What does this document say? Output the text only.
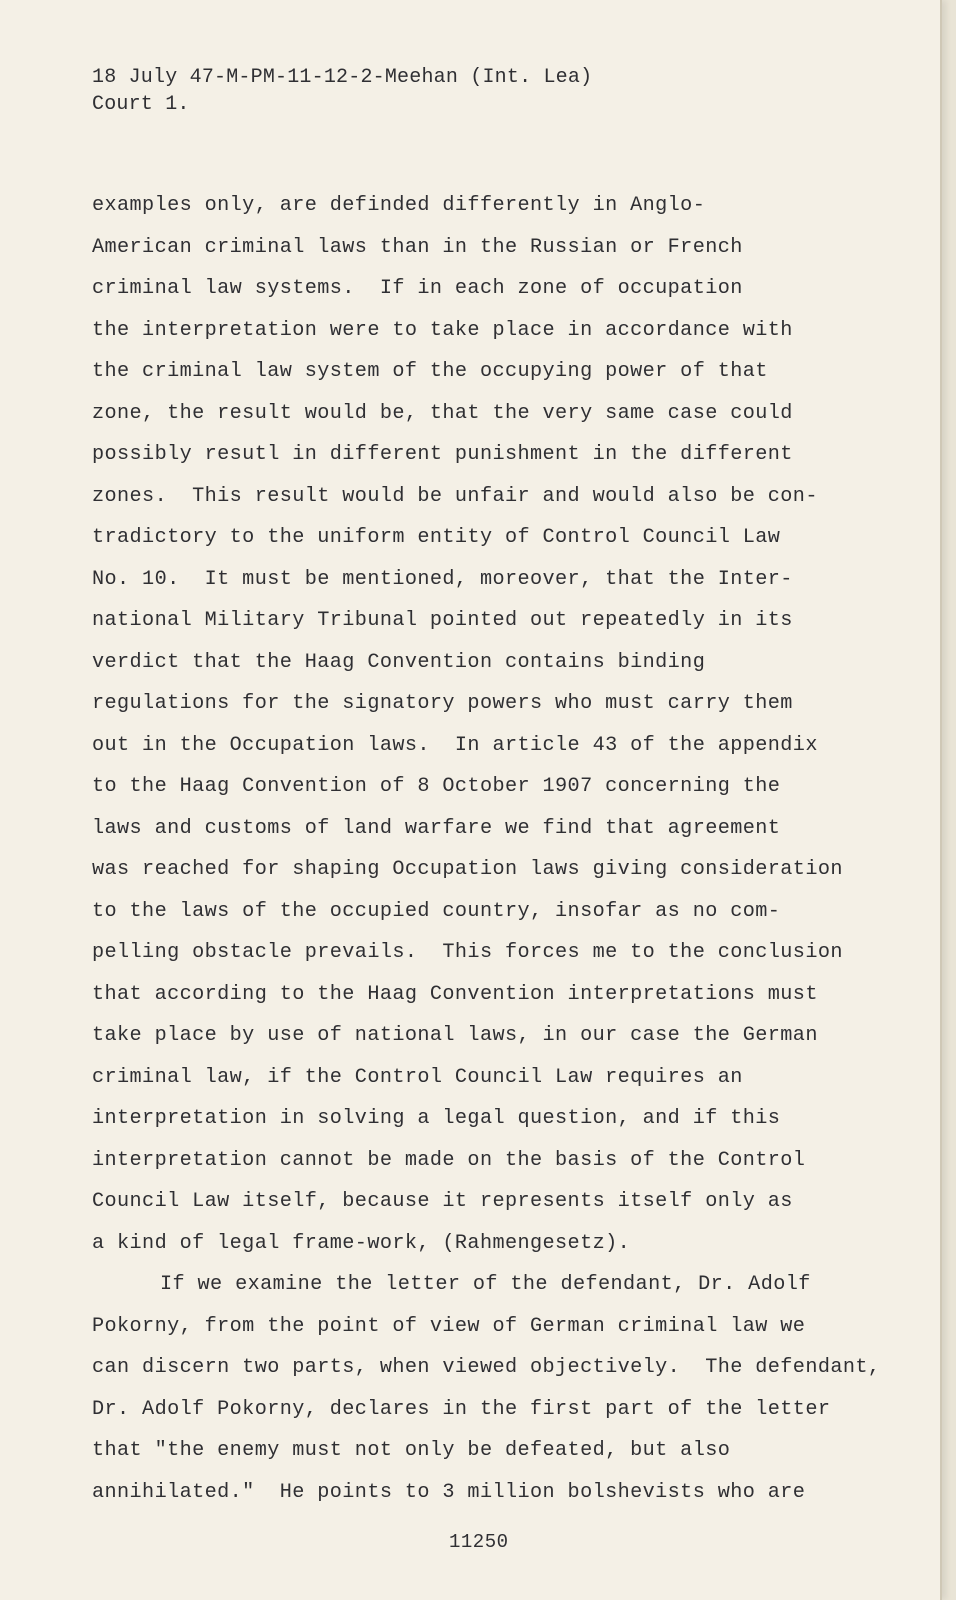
18 July 47-M-PM-11-12-2-Meehan (Int. Lea)
Court 1.
examples only, are definded differently in Anglo-
American criminal laws than in the Russian or French
criminal law systems.  If in each zone of occupation
the interpretation were to take place in accordance with
the criminal law system of the occupying power of that
zone, the result would be, that the very same case could
possibly resutl in different punishment in the different
zones.  This result would be unfair and would also be con-
tradictory to the uniform entity of Control Council Law
No. 10.  It must be mentioned, moreover, that the Inter-
national Military Tribunal pointed out repeatedly in its
verdict that the Haag Convention contains binding
regulations for the signatory powers who must carry them
out in the Occupation laws.  In article 43 of the appendix
to the Haag Convention of 8 October 1907 concerning the
laws and customs of land warfare we find that agreement
was reached for shaping Occupation laws giving consideration
to the laws of the occupied country, insofar as no com-
pelling obstacle prevails.  This forces me to the conclusion
that according to the Haag Convention interpretations must
take place by use of national laws, in our case the German
criminal law, if the Control Council Law requires an
interpretation in solving a legal question, and if this
interpretation cannot be made on the basis of the Control
Council Law itself, because it represents itself only as
a kind of legal frame-work, (Rahmengesetz).
If we examine the letter of the defendant, Dr. Adolf
Pokorny, from the point of view of German criminal law we
can discern two parts, when viewed objectively.  The defendant,
Dr. Adolf Pokorny, declares in the first part of the letter
that "the enemy must not only be defeated, but also
annihilated."  He points to 3 million bolshevists who are
11250
